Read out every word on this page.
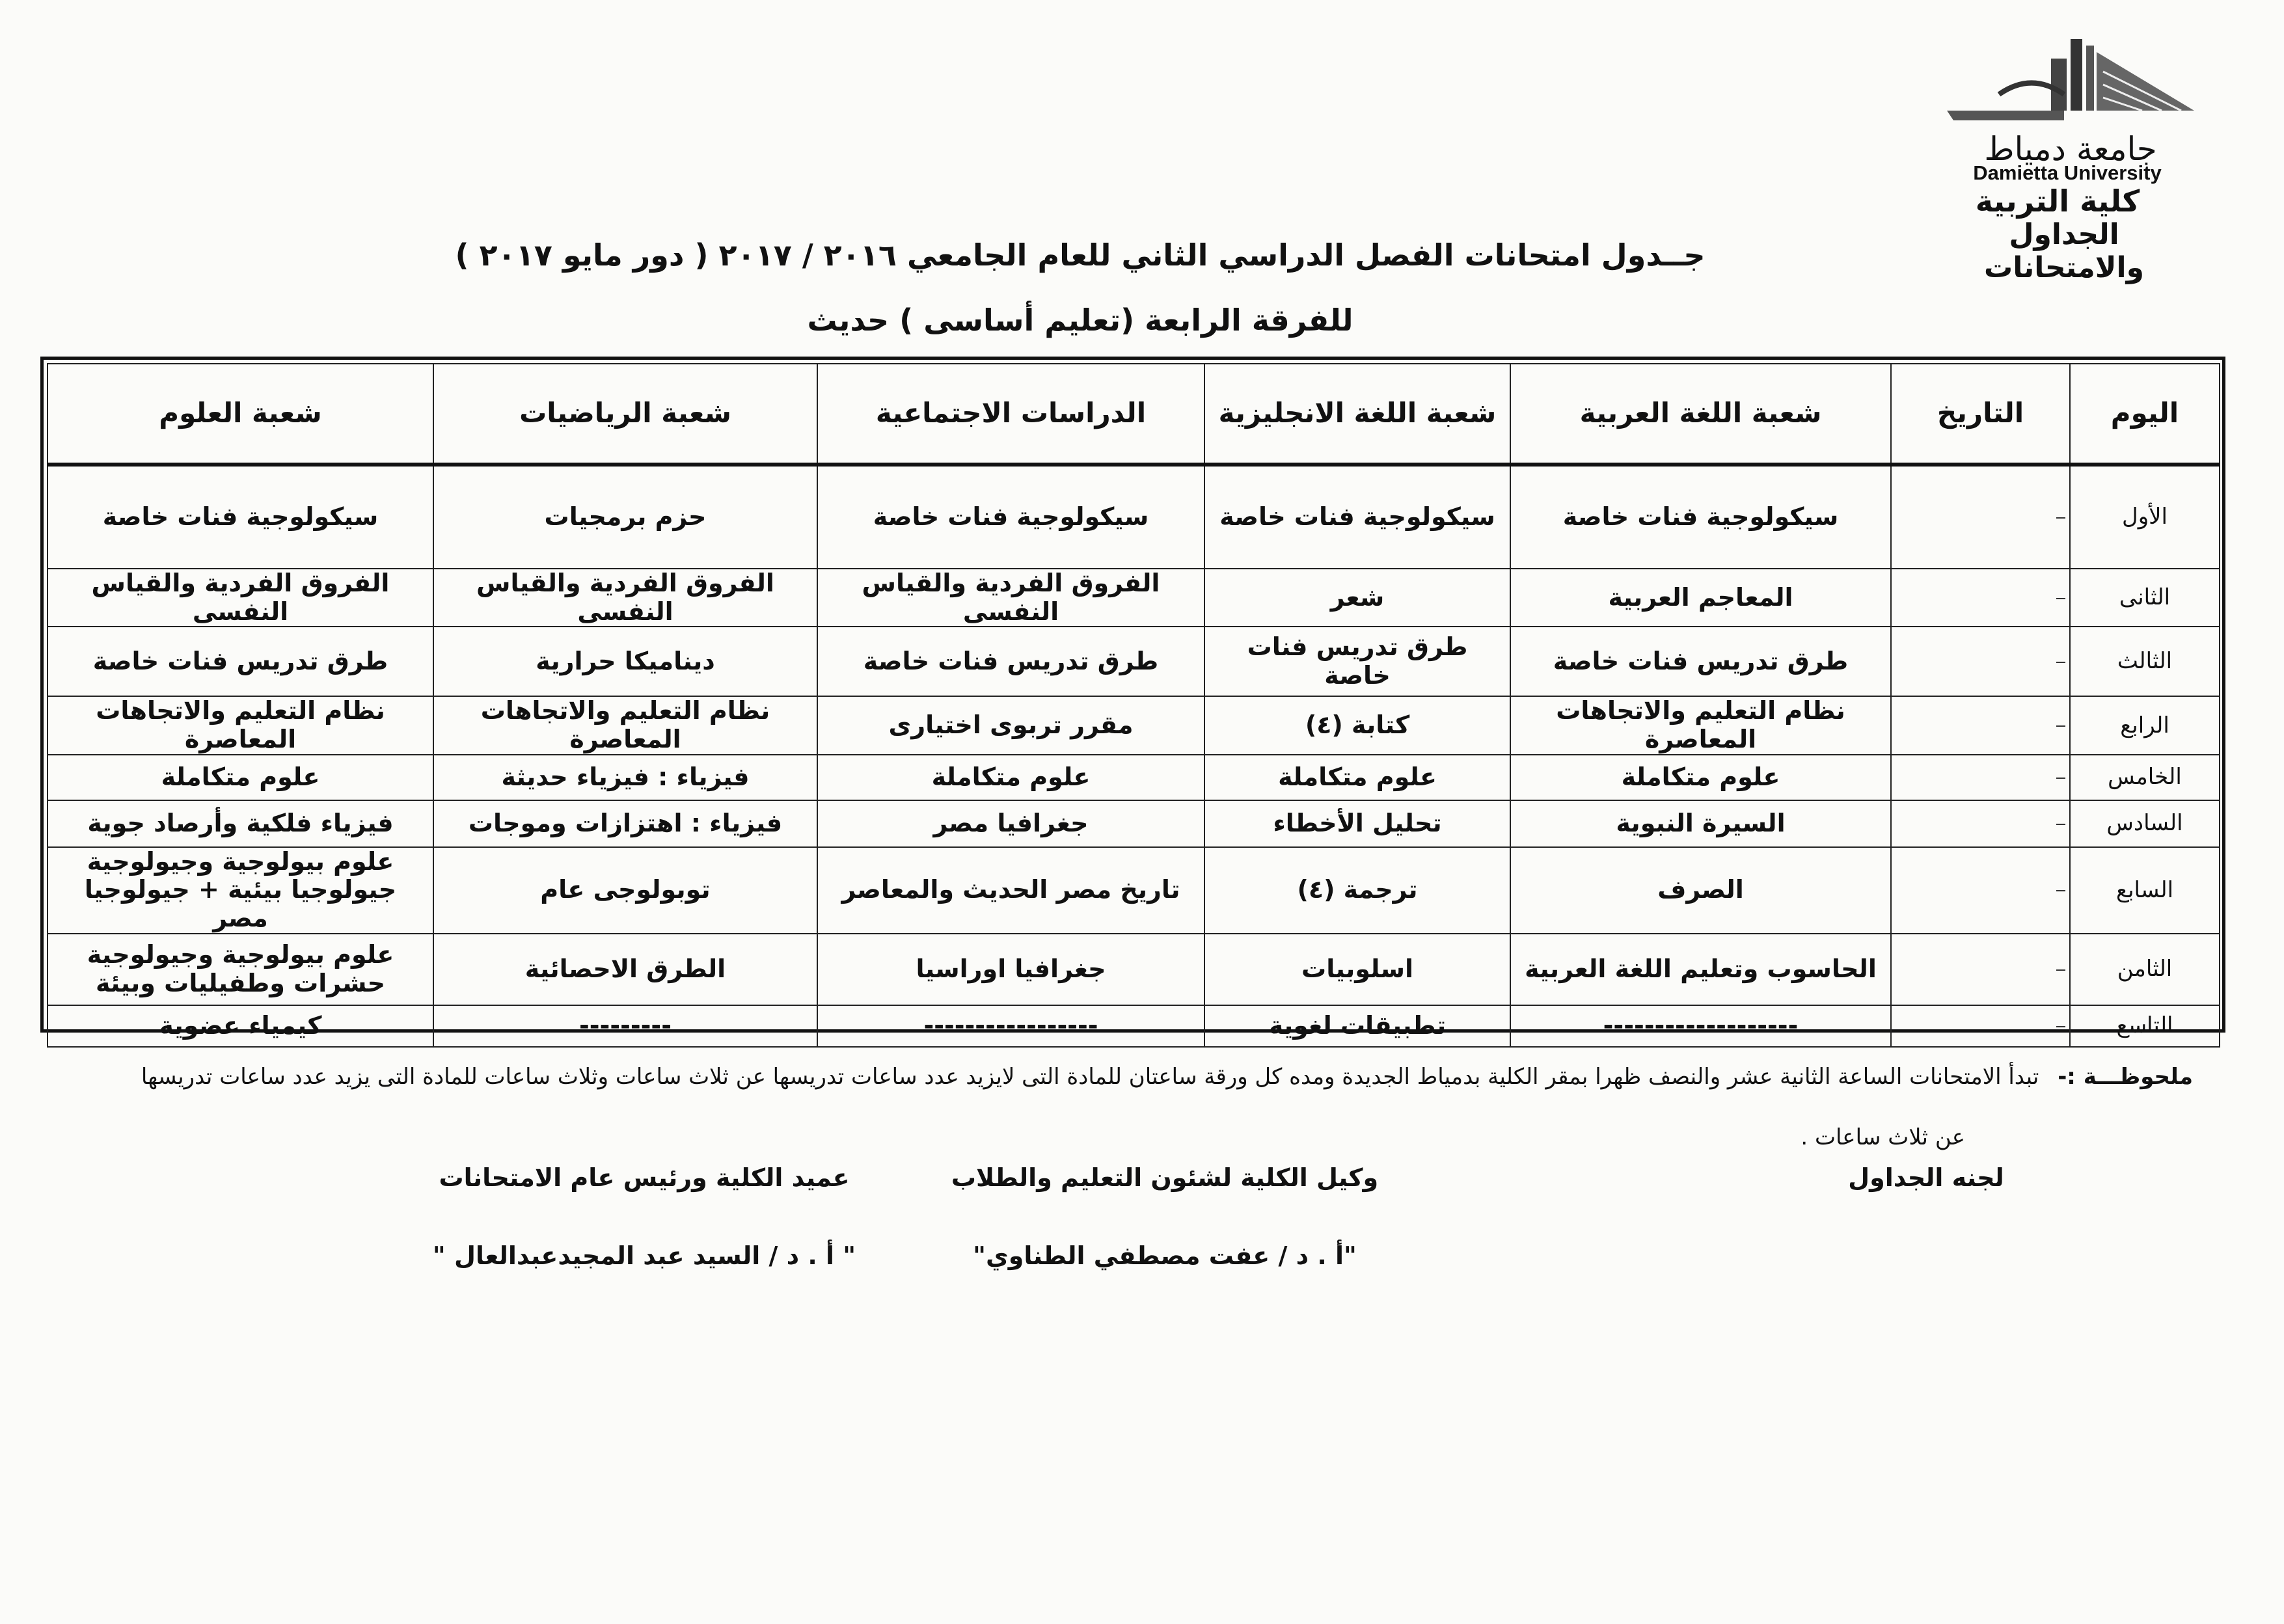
جامعة دمياط
Damietta University
كلية التربية
الجداول والامتحانات
جــدول امتحانات الفصل الدراسي الثاني للعام الجامعي ٢٠١٦ / ٢٠١٧ ( دور مايو ٢٠١٧ )
للفرقة الرابعة (تعليم أساسى ) حديث
اليوم	التاريخ	شعبة اللغة العربية	شعبة اللغة الانجليزية	الدراسات الاجتماعية	شعبة الرياضيات	شعبة العلوم
الأول		سيكولوجية فنات خاصة	سيكولوجية فنات خاصة	سيكولوجية فنات خاصة	حزم برمجيات	سيكولوجية فنات خاصة
الثانى		المعاجم العربية	شعر	الفروق الفردية والقياس النفسى	الفروق الفردية والقياس النفسى	الفروق الفردية والقياس النفسى
الثالث		طرق تدريس فنات خاصة	طرق تدريس فنات خاصة	طرق تدريس فنات خاصة	ديناميكا حرارية	طرق تدريس فنات خاصة
الرابع		نظام التعليم والاتجاهات المعاصرة	كتابة (٤)	مقرر تربوى اختيارى	نظام التعليم والاتجاهات المعاصرة	نظام التعليم والاتجاهات المعاصرة
الخامس		علوم متكاملة	علوم متكاملة	علوم متكاملة	فيزياء : فيزياء حديثة	علوم متكاملة
السادس		السيرة النبوية	تحليل الأخطاء	جغرافيا مصر	فيزياء : اهتزازات وموجات	فيزياء فلكية وأرصاد جوية
السابع		الصرف	ترجمة (٤)	تاريخ مصر الحديث والمعاصر	توبولوجى عام	علوم بيولوجية وجيولوجية
جيولوجيا بيئية + جيولوجيا مصر

الثامن		الحاسوب وتعليم اللغة العربية	اسلوبيات	جغرافيا اوراسيا	الطرق الاحصائية	علوم بيولوجية وجيولوجية
حشرات وطفيليات وبيئة

التاسع		-------------------	تطبيقات لغوية	-----------------	---------	كيمياء عضوية
ملحوظـــة :- تبدأ الامتحانات الساعة الثانية عشر والنصف ظهرا بمقر الكلية بدمياط الجديدة ومده كل ورقة ساعتان للمادة التى لايزيد عدد ساعات تدريسها عن ثلاث ساعات وثلاث ساعات للمادة التى يزيد عدد ساعات تدريسها
عن ثلاث ساعات .
لجنه الجداول
وكيل الكلية لشئون التعليم والطلاب
"أ . د / عفت مصطفي الطناوي"
عميد الكلية ورئيس عام الامتحانات
" أ . د / السيد عبد المجيدعبدالعال "
